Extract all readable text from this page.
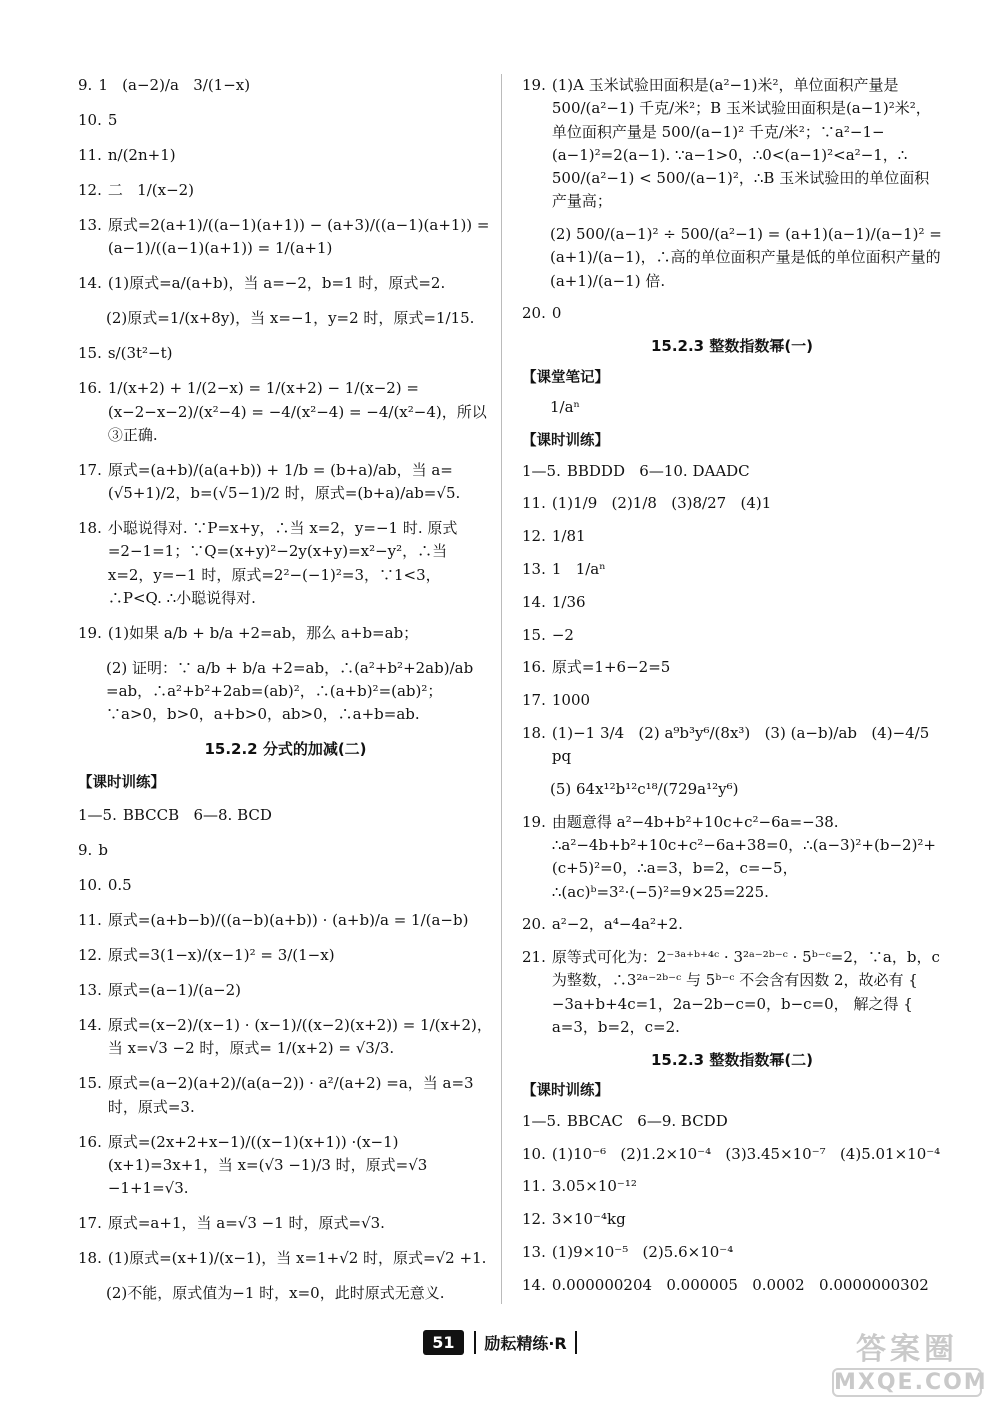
9. 1   (a−2)/a   3/(1−x)
10. 5
11. n/(2n+1)
12. 二   1/(x−2)
13. 原式=2(a+1)/((a−1)(a+1)) − (a+3)/((a−1)(a+1)) = (a−1)/((a−1)(a+1)) = 1/(a+1)
14. (1)原式=a/(a+b)，当 a=−2，b=1 时，原式=2.
(2)原式=1/(x+8y)，当 x=−1，y=2 时，原式=1/15.
15. s/(3t²−t)
16. 1/(x+2) + 1/(2−x) = 1/(x+2) − 1/(x−2) = (x−2−x−2)/(x²−4) = −4/(x²−4) = −4/(x²−4)，所以③正确.
17. 原式=(a+b)/(a(a+b)) + 1/b = (b+a)/ab，当 a=(√5+1)/2，b=(√5−1)/2 时，原式=(b+a)/ab=√5.
18. 小聪说得对. ∵P=x+y，∴当 x=2，y=−1 时. 原式=2−1=1；∵Q=(x+y)²−2y(x+y)=x²−y²，∴当 x=2，y=−1 时，原式=2²−(−1)²=3，∵1<3，∴P<Q. ∴小聪说得对.
19. (1)如果 a/b + b/a +2=ab，那么 a+b=ab；
(2) 证明：∵ a/b + b/a +2=ab，∴(a²+b²+2ab)/ab =ab，∴a²+b²+2ab=(ab)²，∴(a+b)²=(ab)²；∵a>0，b>0，a+b>0，ab>0，∴a+b=ab.
15.2.2 分式的加减(二)
【课时训练】
1—5. BBCCB   6—8. BCD
9. b
10. 0.5
11. 原式=(a+b−b)/((a−b)(a+b)) · (a+b)/a = 1/(a−b)
12. 原式=3(1−x)/(x−1)² = 3/(1−x)
13. 原式=(a−1)/(a−2)
14. 原式=(x−2)/(x−1) · (x−1)/((x−2)(x+2)) = 1/(x+2)，当 x=√3 −2 时，原式= 1/(x+2) = √3/3.
15. 原式=(a−2)(a+2)/(a(a−2)) · a²/(a+2) =a，当 a=3 时，原式=3.
16. 原式=(2x+2+x−1)/((x−1)(x+1)) ·(x−1)(x+1)=3x+1，当 x=(√3 −1)/3 时，原式=√3 −1+1=√3.
17. 原式=a+1，当 a=√3 −1 时，原式=√3.
18. (1)原式=(x+1)/(x−1)，当 x=1+√2 时，原式=√2 +1.
(2)不能，原式值为−1 时，x=0，此时原式无意义.
19. (1)A 玉米试验田面积是(a²−1)米²，单位面积产量是 500/(a²−1) 千克/米²；B 玉米试验田面积是(a−1)²米²，单位面积产量是 500/(a−1)² 千克/米²；∵a²−1−(a−1)²=2(a−1). ∵a−1>0，∴0<(a−1)²<a²−1，∴ 500/(a²−1) < 500/(a−1)²，∴B 玉米试验田的单位面积产量高；
(2) 500/(a−1)² ÷ 500/(a²−1) = (a+1)(a−1)/(a−1)² = (a+1)/(a−1)，∴高的单位面积产量是低的单位面积产量的 (a+1)/(a−1) 倍.
20. 0
15.2.3 整数指数幂(一)
【课堂笔记】
1/aⁿ
【课时训练】
1—5. BBDDD   6—10. DAADC
11. (1)1/9   (2)1/8   (3)8/27   (4)1
12. 1/81
13. 1   1/aⁿ
14. 1/36
15. −2
16. 原式=1+6−2=5
17. 1000
18. (1)−1 3/4   (2) a⁹b³y⁶/(8x³)   (3) (a−b)/ab   (4)−4/5 pq
(5) 64x¹²b¹²c¹⁸/(729a¹²y⁶)
19. 由题意得 a²−4b+b²+10c+c²−6a=−38. ∴a²−4b+b²+10c+c²−6a+38=0，∴(a−3)²+(b−2)²+(c+5)²=0，∴a=3，b=2，c=−5，∴(ac)ᵇ=3²·(−5)²=9×25=225.
20. a²−2，a⁴−4a²+2.
21. 原等式可化为：2⁻³ᵃ⁺ᵇ⁺⁴ᶜ · 3²ᵃ⁻²ᵇ⁻ᶜ · 5ᵇ⁻ᶜ=2，∵a，b，c 为整数，∴3²ᵃ⁻²ᵇ⁻ᶜ 与 5ᵇ⁻ᶜ 不会含有因数 2，故必有 { −3a+b+4c=1，2a−2b−c=0，b−c=0， 解之得 { a=3，b=2，c=2.
15.2.3 整数指数幂(二)
【课时训练】
1—5. BBCAC   6—9. BCDD
10. (1)10⁻⁶   (2)1.2×10⁻⁴   (3)3.45×10⁻⁷   (4)5.01×10⁻⁴
11. 3.05×10⁻¹²
12. 3×10⁻⁴kg
13. (1)9×10⁻⁵   (2)5.6×10⁻⁴
14. 0.000000204   0.000005   0.0002   0.0000000302
51 励耘精练·R	答案圈
MXQE.COM
